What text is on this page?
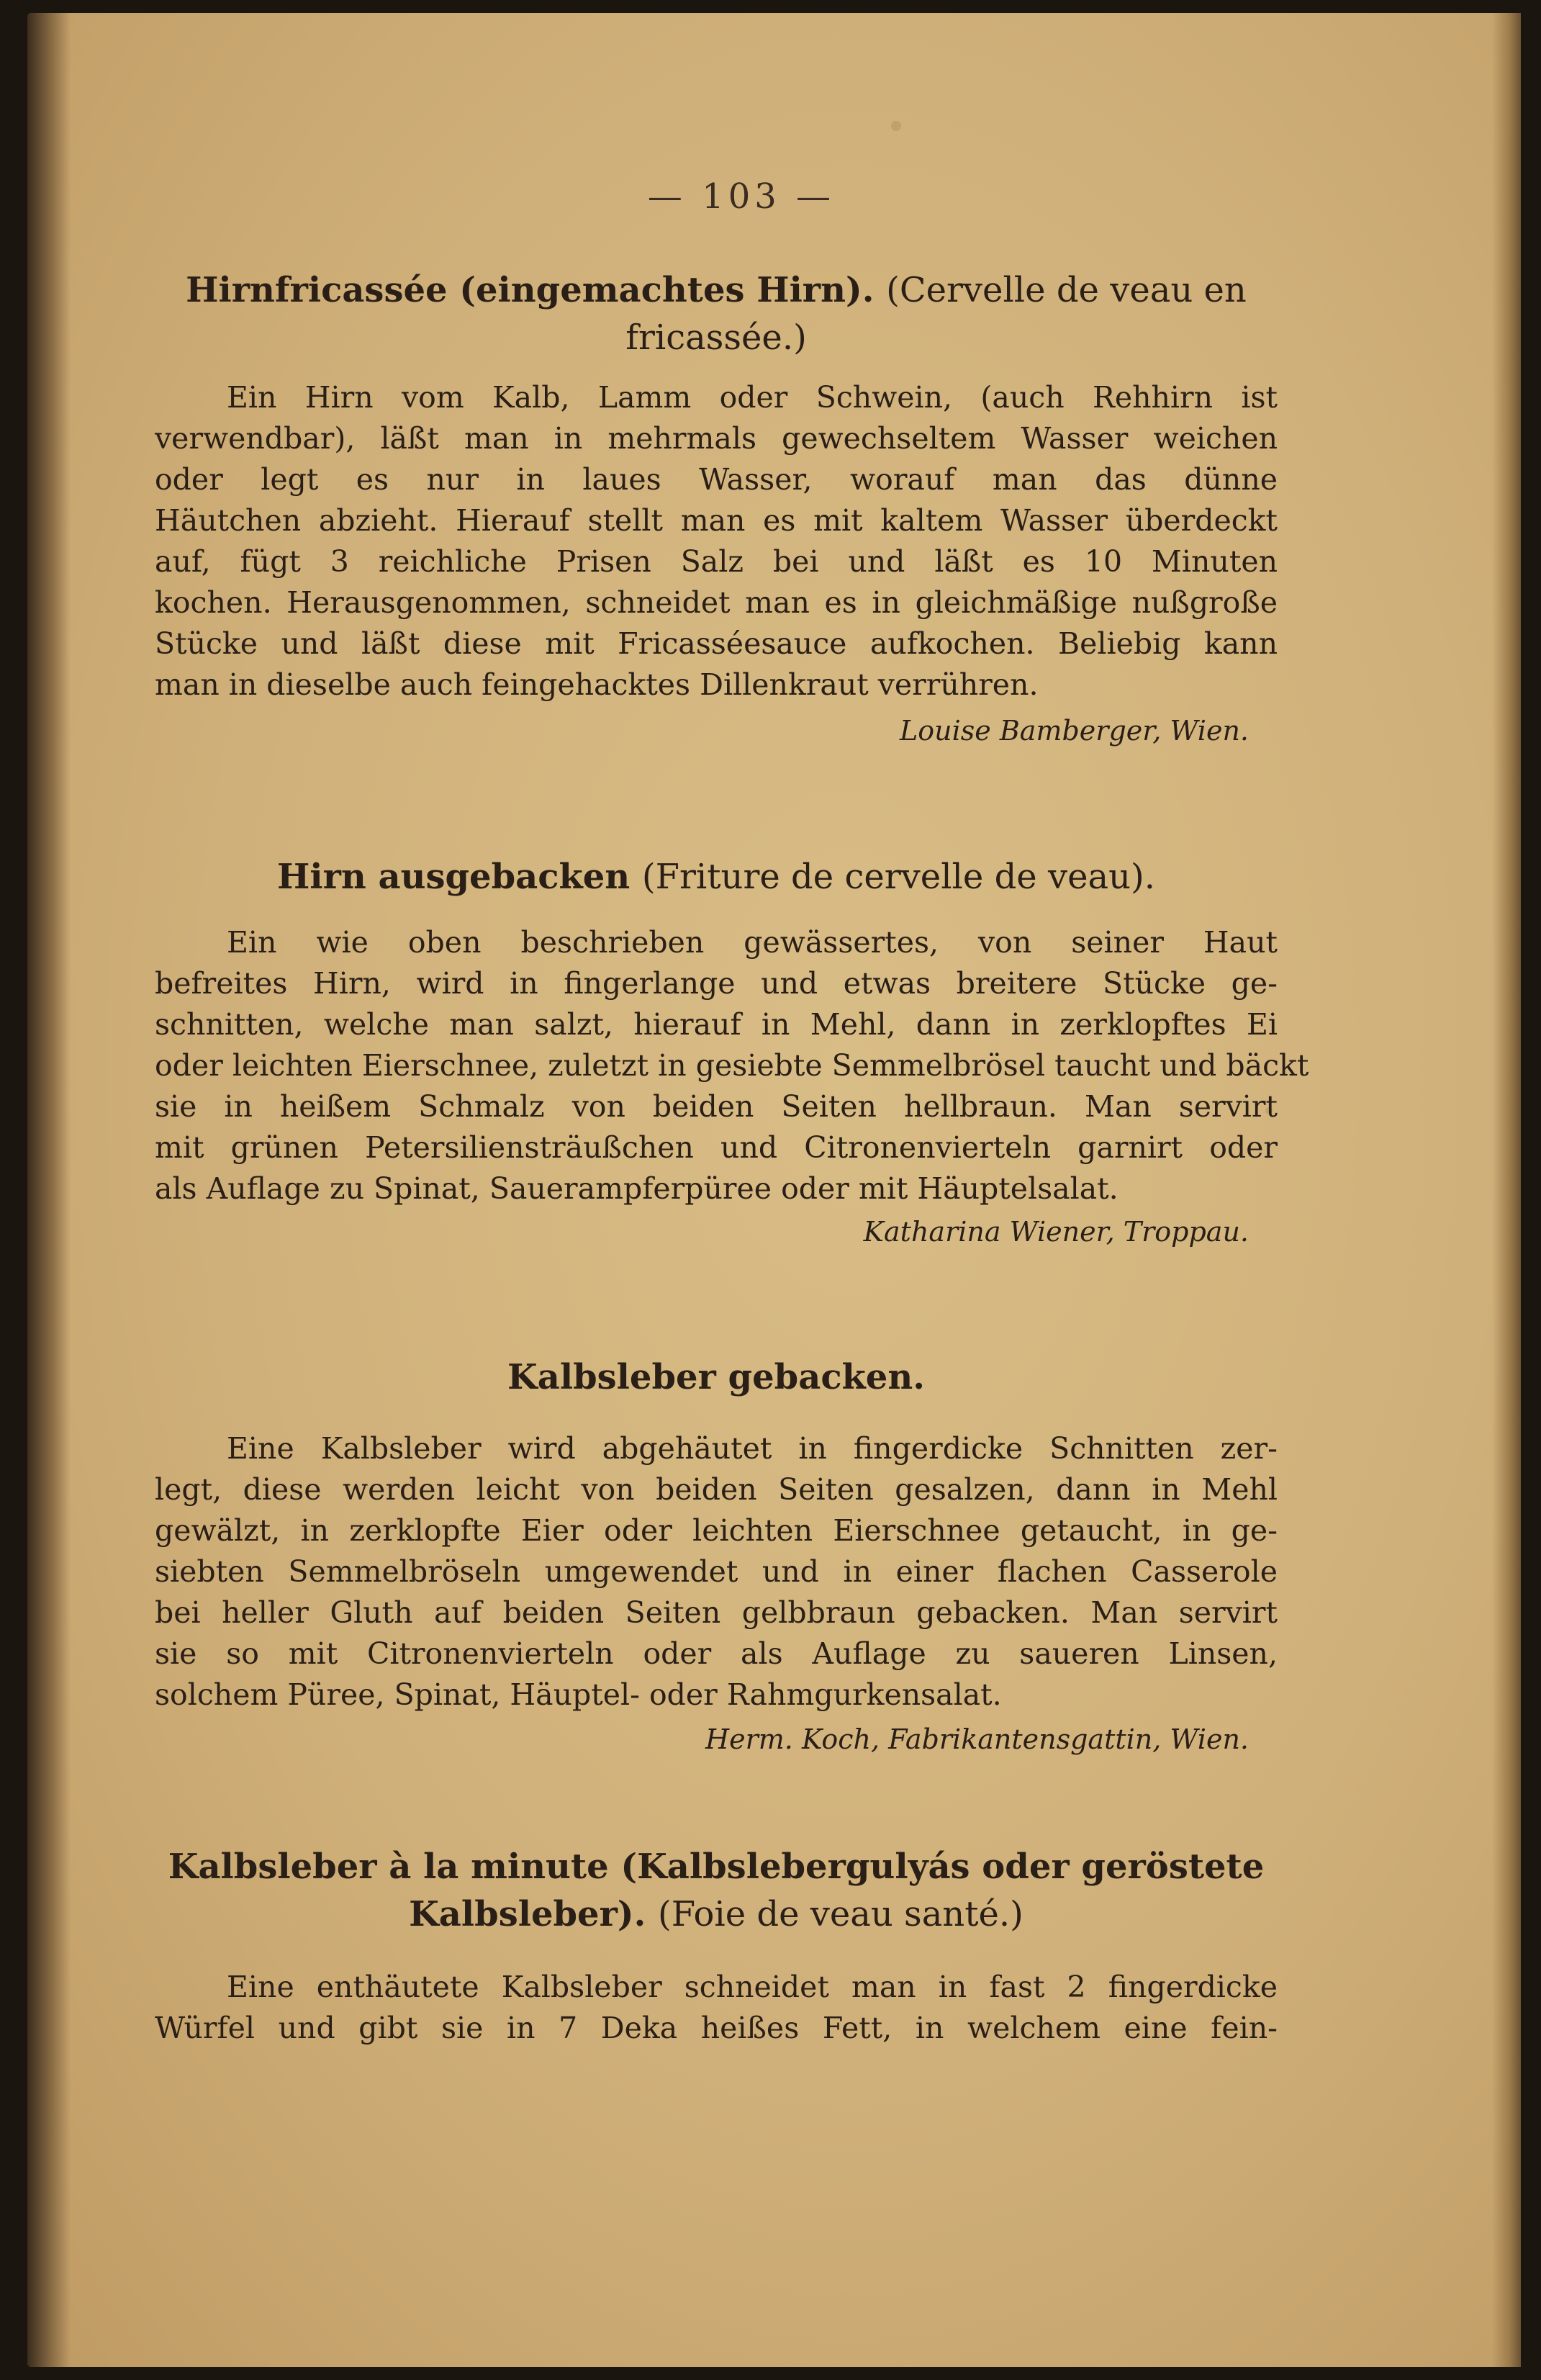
— 103 —
Hirnfricassée (eingemachtes Hirn). (Cervelle de veau en fricassée.)
Ein Hirn vom Kalb, Lamm oder Schwein, (auch Rehhirn ist
verwendbar), läßt man in mehrmals gewechseltem Wasser weichen
oder legt es nur in laues Wasser, worauf man das dünne
Häutchen abzieht. Hierauf stellt man es mit kaltem Wasser überdeckt
auf, fügt 3 reichliche Prisen Salz bei und läßt es 10 Minuten
kochen. Herausgenommen, schneidet man es in gleichmäßige nußgroße
Stücke und läßt diese mit Fricasséesauce aufkochen. Beliebig kann
man in dieselbe auch feingehacktes Dillenkraut verrühren.
Louise Bamberger, Wien.
Hirn ausgebacken (Friture de cervelle de veau).
Ein wie oben beschrieben gewässertes, von seiner Haut
befreites Hirn, wird in fingerlange und etwas breitere Stücke ge-
schnitten, welche man salzt, hierauf in Mehl, dann in zerklopftes Ei
oder leichten Eierschnee, zuletzt in gesiebte Semmelbrösel taucht und bäckt
sie in heißem Schmalz von beiden Seiten hellbraun. Man servirt
mit grünen Petersiliensträußchen und Citronenvierteln garnirt oder
als Auflage zu Spinat, Sauerampferpüree oder mit Häuptelsalat.
Katharina Wiener, Troppau.
Kalbsleber gebacken.
Eine Kalbsleber wird abgehäutet in fingerdicke Schnitten zer-
legt, diese werden leicht von beiden Seiten gesalzen, dann in Mehl
gewälzt, in zerklopfte Eier oder leichten Eierschnee getaucht, in ge-
siebten Semmelbröseln umgewendet und in einer flachen Casserole
bei heller Gluth auf beiden Seiten gelbbraun gebacken. Man servirt
sie so mit Citronenvierteln oder als Auflage zu saueren Linsen,
solchem Püree, Spinat, Häuptel- oder Rahmgurkensalat.
Herm. Koch, Fabrikantensgattin, Wien.
Kalbsleber à la minute (Kalbslebergulyás oder geröstete Kalbsleber). (Foie de veau santé.)
Eine enthäutete Kalbsleber schneidet man in fast 2 fingerdicke
Würfel und gibt sie in 7 Deka heißes Fett, in welchem eine fein-
